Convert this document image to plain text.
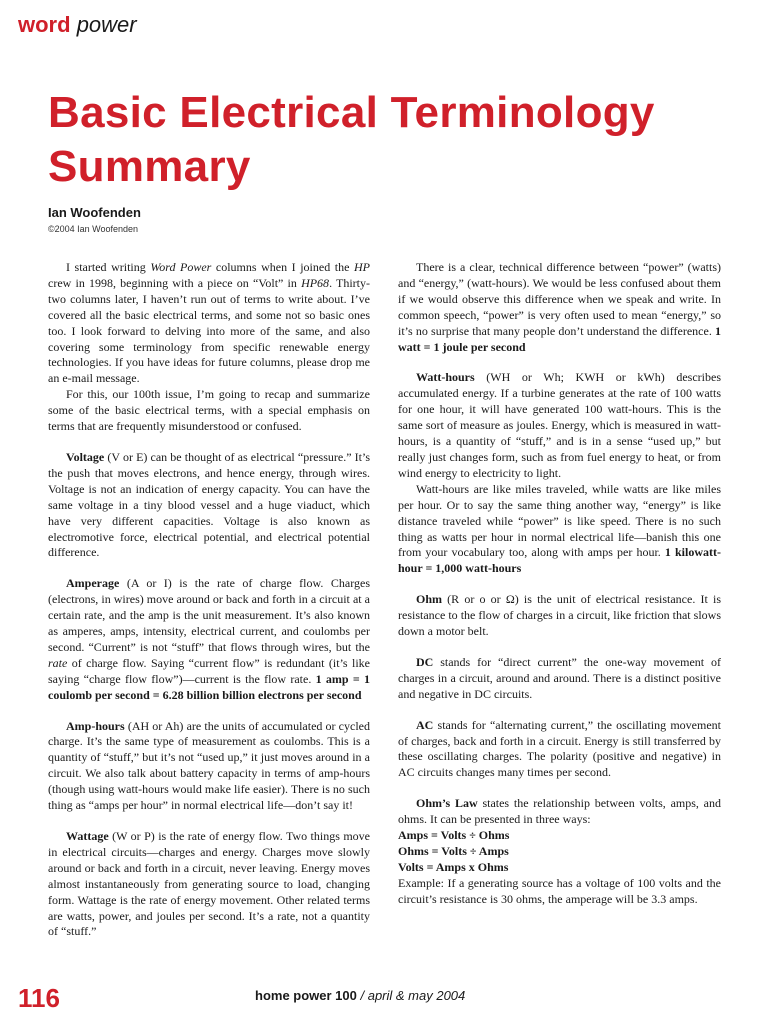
word power
Basic Electrical Terminology Summary
Ian Woofenden
©2004 Ian Woofenden

I started writing Word Power columns when I joined the HP crew in 1998, beginning with a piece on “Volt” in HP68. Thirty-two columns later, I haven’t run out of terms to write about. I’ve covered all the basic electrical terms, and some not so basic ones too. I look forward to delving into more of the same, and also covering some terminology from specific renewable energy technologies. If you have ideas for future columns, please drop me an e-mail message.

For this, our 100th issue, I’m going to recap and summarize some of the basic electrical terms, with a special emphasis on terms that are frequently misunderstood or confused.

Voltage (V or E) can be thought of as electrical “pressure.” It’s the push that moves electrons, and hence energy, through wires. Voltage is not an indication of energy capacity. You can have the same voltage in a tiny blood vessel and a huge viaduct, which have very different capacities. Voltage is also known as electromotive force, electrical potential, and electrical potential difference.

Amperage (A or I) is the rate of charge flow. Charges (electrons, in wires) move around or back and forth in a circuit at a certain rate, and the amp is the unit measurement. It’s also known as amperes, amps, intensity, electrical current, and coulombs per second. “Current” is not “stuff” that flows through wires, but the rate of charge flow. Saying “current flow” is redundant (it’s like saying “charge flow flow”)—current is the flow rate. 1 amp = 1 coulomb per second = 6.28 billion billion electrons per second

Amp-hours (AH or Ah) are the units of accumulated or cycled charge. It’s the same type of measurement as coulombs. This is a quantity of “stuff,” but it’s not “used up,” it just moves around in a circuit. We also talk about battery capacity in terms of amp-hours (though using watt-hours would make life easier). There is no such thing as “amps per hour” in normal electrical life—don’t say it!

Wattage (W or P) is the rate of energy flow. Two things move in electrical circuits—charges and energy. Charges move slowly around or back and forth in a circuit, never leaving. Energy moves almost instantaneously from generating source to load, changing form. Wattage is the rate of energy movement. Other related terms are watts, power, and joules per second. It’s a rate, not a quantity of “stuff.”

There is a clear, technical difference between “power” (watts) and “energy,” (watt-hours). We would be less confused about them if we would observe this difference when we speak and write. In common speech, “power” is very often used to mean “energy,” so it’s no surprise that many people don’t understand the difference. 1 watt = 1 joule per second

Watt-hours (WH or Wh; KWH or kWh) describes accumulated energy. If a turbine generates at the rate of 100 watts for one hour, it will have generated 100 watt-hours. This is the same sort of measure as joules. Energy, which is measured in watt-hours, is a quantity of “stuff,” and is in a sense “used up,” but really just changes form, such as from fuel energy to heat, or from wind energy to electricity to light.

Watt-hours are like miles traveled, while watts are like miles per hour. Or to say the same thing another way, “energy” is like distance traveled while “power” is like speed. There is no such thing as watts per hour in normal electrical life—banish this one from your vocabulary too, along with amps per hour. 1 kilowatt-hour = 1,000 watt-hours

Ohm (R or o or Ω) is the unit of electrical resistance. It is resistance to the flow of charges in a circuit, like friction that slows down a motor belt.

DC stands for “direct current” the one-way movement of charges in a circuit, around and around. There is a distinct positive and negative in DC circuits.

AC stands for “alternating current,” the oscillating movement of charges, back and forth in a circuit. Energy is still transferred by these oscillating charges. The polarity (positive and negative) in AC circuits changes many times per second.

Ohm’s Law states the relationship between volts, amps, and ohms. It can be presented in three ways:

Amps = Volts ÷ Ohms

Ohms = Volts ÷ Amps

Volts = Amps x Ohms

Example: If a generating source has a voltage of 100 volts and the circuit’s resistance is 30 ohms, the amperage will be 3.3 amps.

116	home power 100 / april & may 2004
